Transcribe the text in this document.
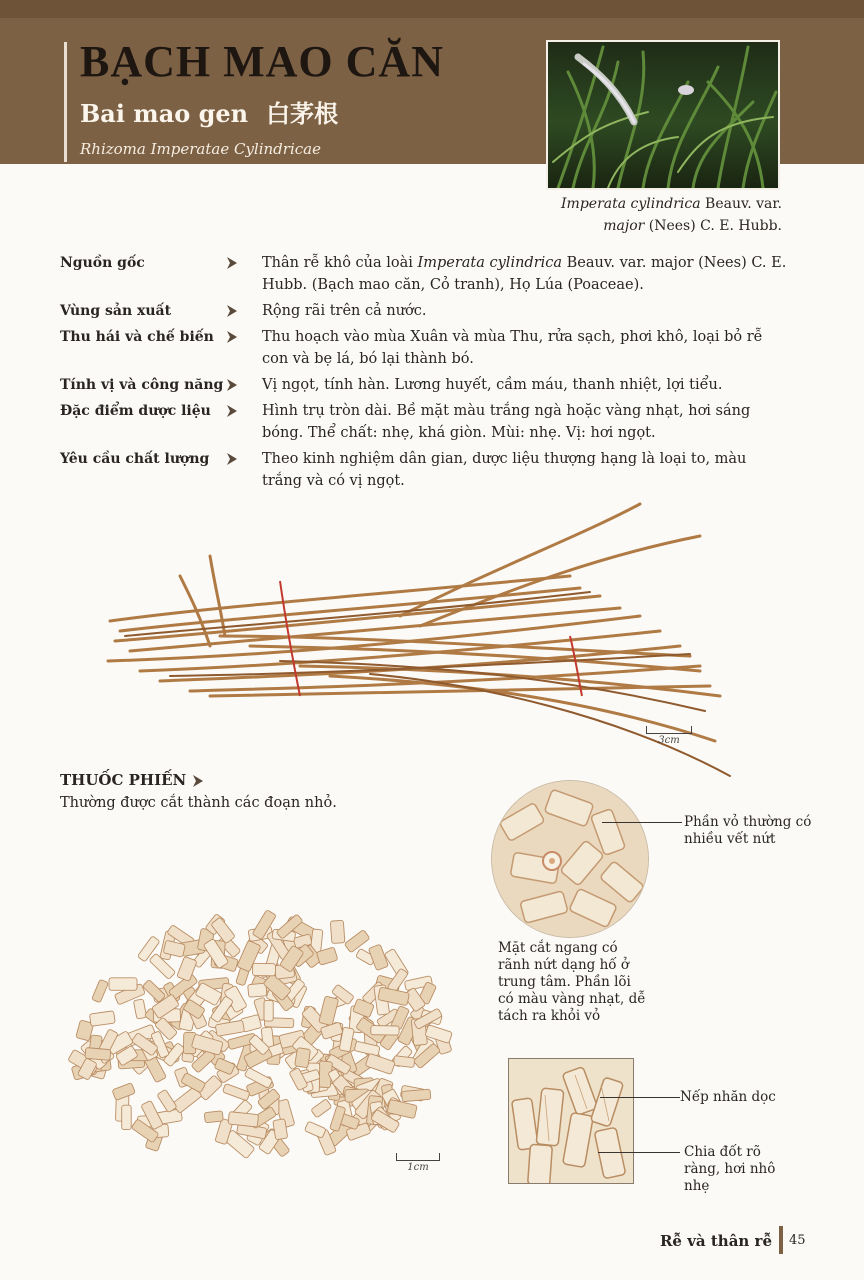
BẠCH MAO CĂN
Bai mao gen 白茅根

Rhizoma Imperatae Cylindricae

Imperata cylindrica Beauv. var.
major (Nees) C. E. Hubb.
Nguồn gốc	Thân rễ khô của loài Imperata cylindrica Beauv. var. major (Nees) C. E. Hubb. (Bạch mao căn, Cỏ tranh), Họ Lúa (Poaceae).
Vùng sản xuất	Rộng rãi trên cả nước.
Thu hái và chế biến	Thu hoạch vào mùa Xuân và mùa Thu, rửa sạch, phơi khô, loại bỏ rễ con và bẹ lá, bó lại thành bó.
Tính vị và công năng	Vị ngọt, tính hàn. Lương huyết, cầm máu, thanh nhiệt, lợi tiểu.
Đặc điểm dược liệu	Hình trụ tròn dài. Bề mặt màu trắng ngà hoặc vàng nhạt, hơi sáng bóng. Thể chất: nhẹ, khá giòn. Mùi: nhẹ. Vị: hơi ngọt.
Yêu cầu chất lượng	Theo kinh nghiệm dân gian, dược liệu thượng hạng là loại to, màu trắng và có vị ngọt.
3cm
THUỐC PHIẾN

Thường được cắt thành các đoạn nhỏ.

1cm
Phần vỏ thường có nhiều vết nứt
Mặt cắt ngang có rãnh nứt dạng hố ở trung tâm. Phần lõi có màu vàng nhạt, dễ tách ra khỏi vỏ
Nếp nhăn dọc
Chia đốt rõ ràng, hơi nhô nhẹ
Rễ và thân rễ 45
